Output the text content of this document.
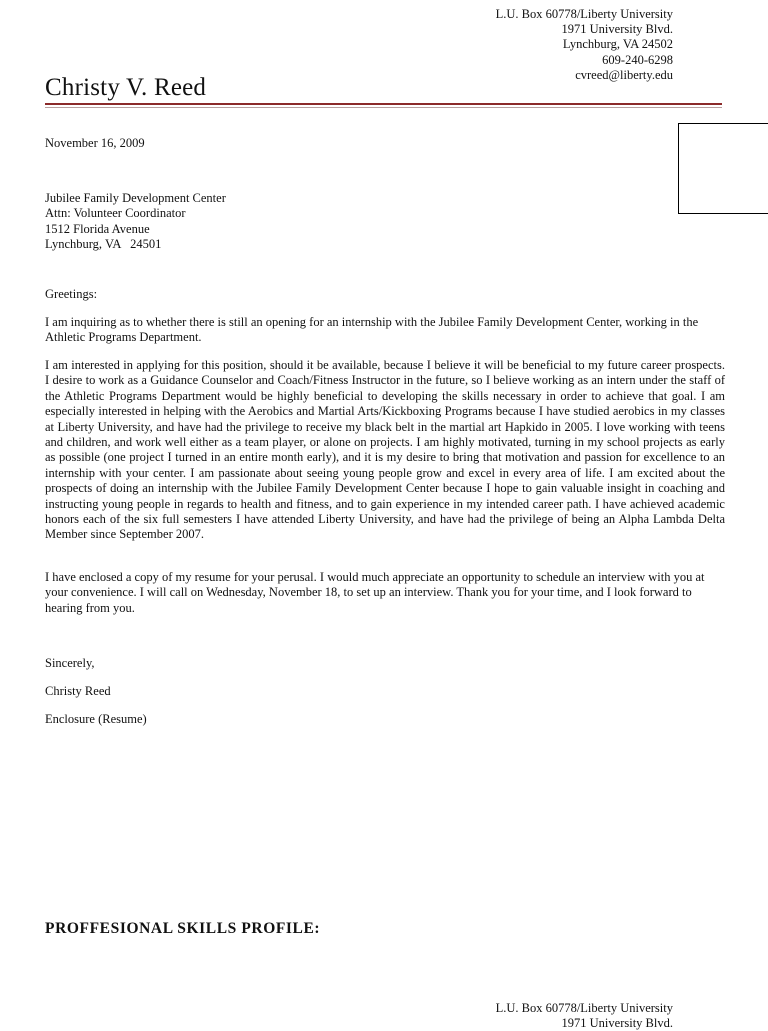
L.U. Box 60778/Liberty University
1971 University Blvd.
Lynchburg, VA 24502
609-240-6298
cvreed@liberty.edu
Christy V. Reed
November 16, 2009
Jubilee Family Development Center
Attn: Volunteer Coordinator
1512 Florida Avenue
Lynchburg, VA   24501
Greetings:

I am inquiring as to whether there is still an opening for an internship with the Jubilee Family Development Center, working in the Athletic Programs Department.

I am interested in applying for this position, should it be available, because I believe it will be beneficial to my future career prospects. I desire to work as a Guidance Counselor and Coach/Fitness Instructor in the future, so I believe working as an intern under the staff of the Athletic Programs Department would be highly beneficial to developing the skills necessary in order to achieve that goal. I am especially interested in helping with the Aerobics and Martial Arts/Kickboxing Programs because I have studied aerobics in my classes at Liberty University, and have had the privilege to receive my black belt in the martial art Hapkido in 2005. I love working with teens and children, and work well either as a team player, or alone on projects. I am highly motivated, turning in my school projects as early as possible (one project I turned in an entire month early), and it is my desire to bring that motivation and passion for excellence to an internship with your center. I am passionate about seeing young people grow and excel in every area of life. I am excited about the prospects of doing an internship with the Jubilee Family Development Center because I hope to gain valuable insight in coaching and instructing young people in regards to health and fitness, and to gain experience in my intended career path. I have achieved academic honors each of the six full semesters I have attended Liberty University, and have had the privilege of being an Alpha Lambda Delta Member since September 2007.

I have enclosed a copy of my resume for your perusal. I would much appreciate an opportunity to schedule an interview with you at your convenience. I will call on Wednesday, November 18, to set up an interview. Thank you for your time, and I look forward to hearing from you.

Sincerely,
Christy Reed
Enclosure (Resume)
PROFFESIONAL SKILLS PROFILE:
L.U. Box 60778/Liberty University
1971 University Blvd.
